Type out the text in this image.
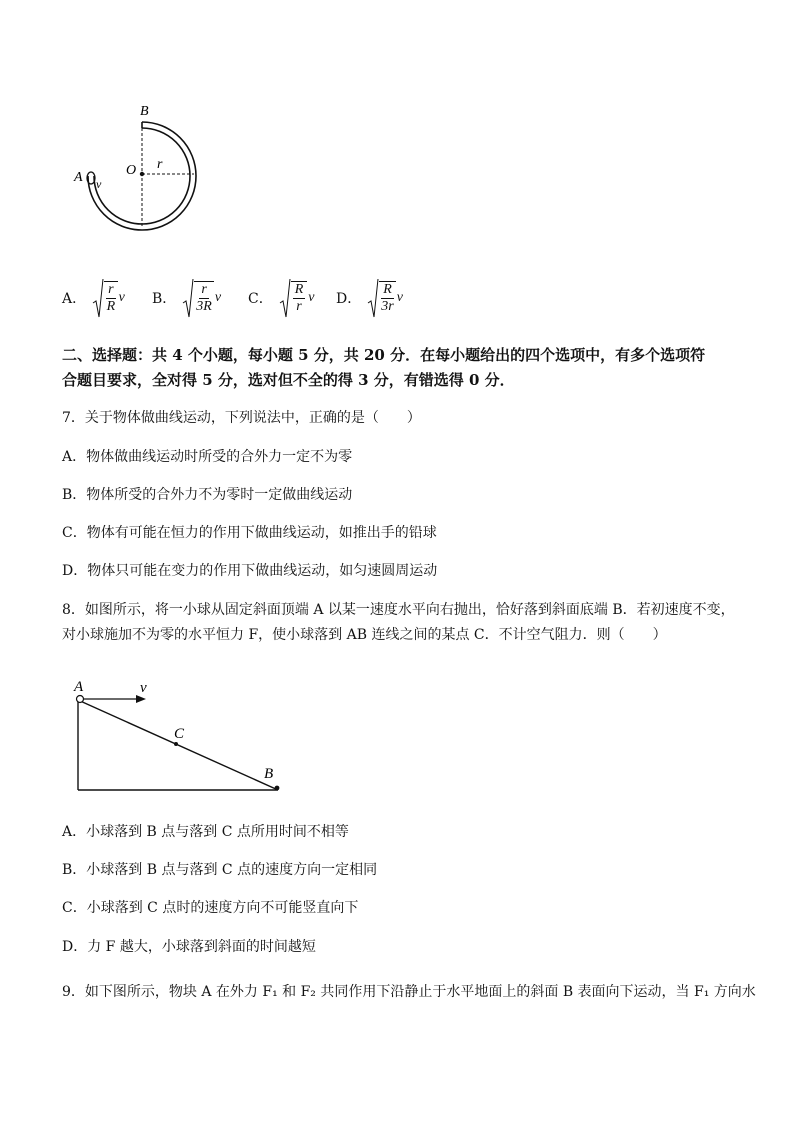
B
O r
A v
A． $\frac{r}{R}$ v B． $\frac{r}{3R}$ v C． $\frac{R}{r}$ v D． $\frac{R}{3r}$ v
二、选择题：共 4 个小题，每小题 5 分，共 20 分．在每小题给出的四个选项中，有多个选项符
合题目要求，全对得 5 分，选对但不全的得 3 分，有错选得 0 分．
7．关于物体做曲线运动，下列说法中，正确的是（　　）
A．物体做曲线运动时所受的合外力一定不为零
B．物体所受的合外力不为零时一定做曲线运动
C．物体有可能在恒力的作用下做曲线运动，如推出手的铅球
D．物体只可能在变力的作用下做曲线运动，如匀速圆周运动
8．如图所示，将一小球从固定斜面顶端 A 以某一速度水平向右抛出，恰好落到斜面底端 B．若初速度不变，
对小球施加不为零的水平恒力 F，使小球落到 AB 连线之间的某点 C．不计空气阻力．则（　　）
A	v
C
B
A．小球落到 B 点与落到 C 点所用时间不相等
B．小球落到 B 点与落到 C 点的速度方向一定相同
C．小球落到 C 点时的速度方向不可能竖直向下
D．力 F 越大，小球落到斜面的时间越短
9．如下图所示，物块 A 在外力 F₁ 和 F₂ 共同作用下沿静止于水平地面上的斜面 B 表面向下运动，当 F₁ 方向水
